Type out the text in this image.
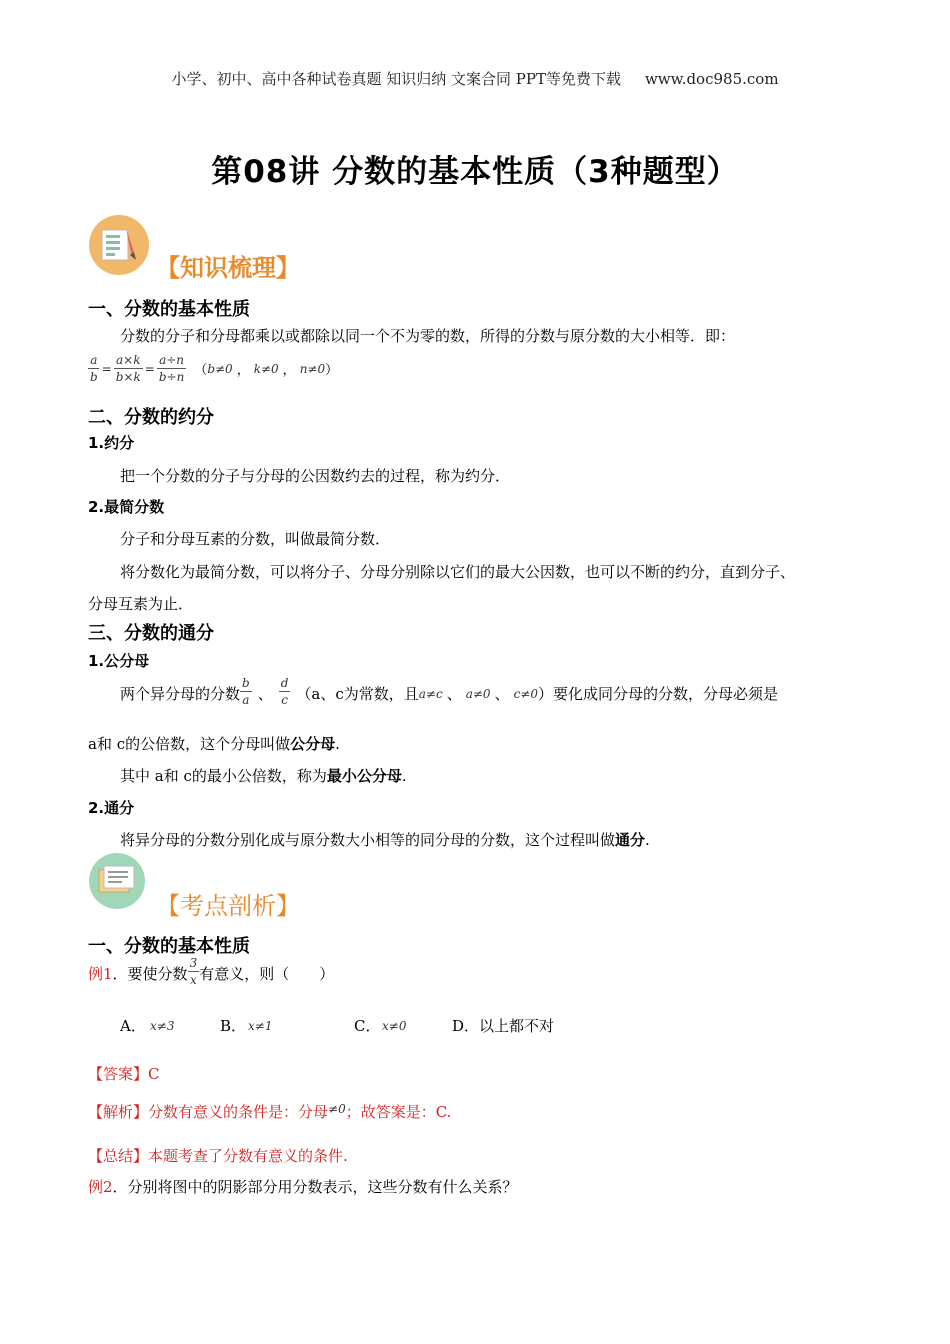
小学、初中、高中各种试卷真题 知识归纳 文案合同 PPT等免费下载 www.doc985.com
第08讲 分数的基本性质（3种题型）
【知识梳理】
一、分数的基本性质
分数的分子和分母都乘以或都除以同一个不为零的数，所得的分数与原分数的大小相等．即：
$\frac{a}{b} = \frac{a\times k}{b\times k} = \frac{a\div n}{b\div n}$ （ b≠0 ， k≠0 ， n≠0 ）
二、分数的约分
1.约分
把一个分数的分子与分母的公因数约去的过程，称为约分．
2.最简分数
分子和分母互素的分数，叫做最简分数．
将分数化为最简分数，可以将分子、分母分别除以它们的最大公因数，也可以不断的约分，直到分子、
分母互素为止．
三、分数的通分
1.公分母
两个异分母的分数 $\frac{b}{a}$ 、 $\frac{d}{c} (a$、c为常数，且 a≠c 、 a≠0 、 c≠0 ）要化成同分母的分数，分母必须是
a和 c的公倍数，这个分母叫做公分母.
其中 a和 c的最小公倍数，称为最小公分母.
2.通分
将异分母的分数分别化成与原分数大小相等的同分母的分数，这个过程叫做通分.
【考点剖析】
一、分数的基本性质
例1 ．要使分数 $\frac{3}{x}$ 有意义，则（　　）
A． x≠3	B． x≠1	C． x≠0	D．以上都不对
【答案】C
【解析】 分数有意义的条件是：分母 ≠0 ；故答案是：C.
【总结】本题考查了分数有意义的条件.
例2．分别将图中的阴影部分用分数表示，这些分数有什么关系？
